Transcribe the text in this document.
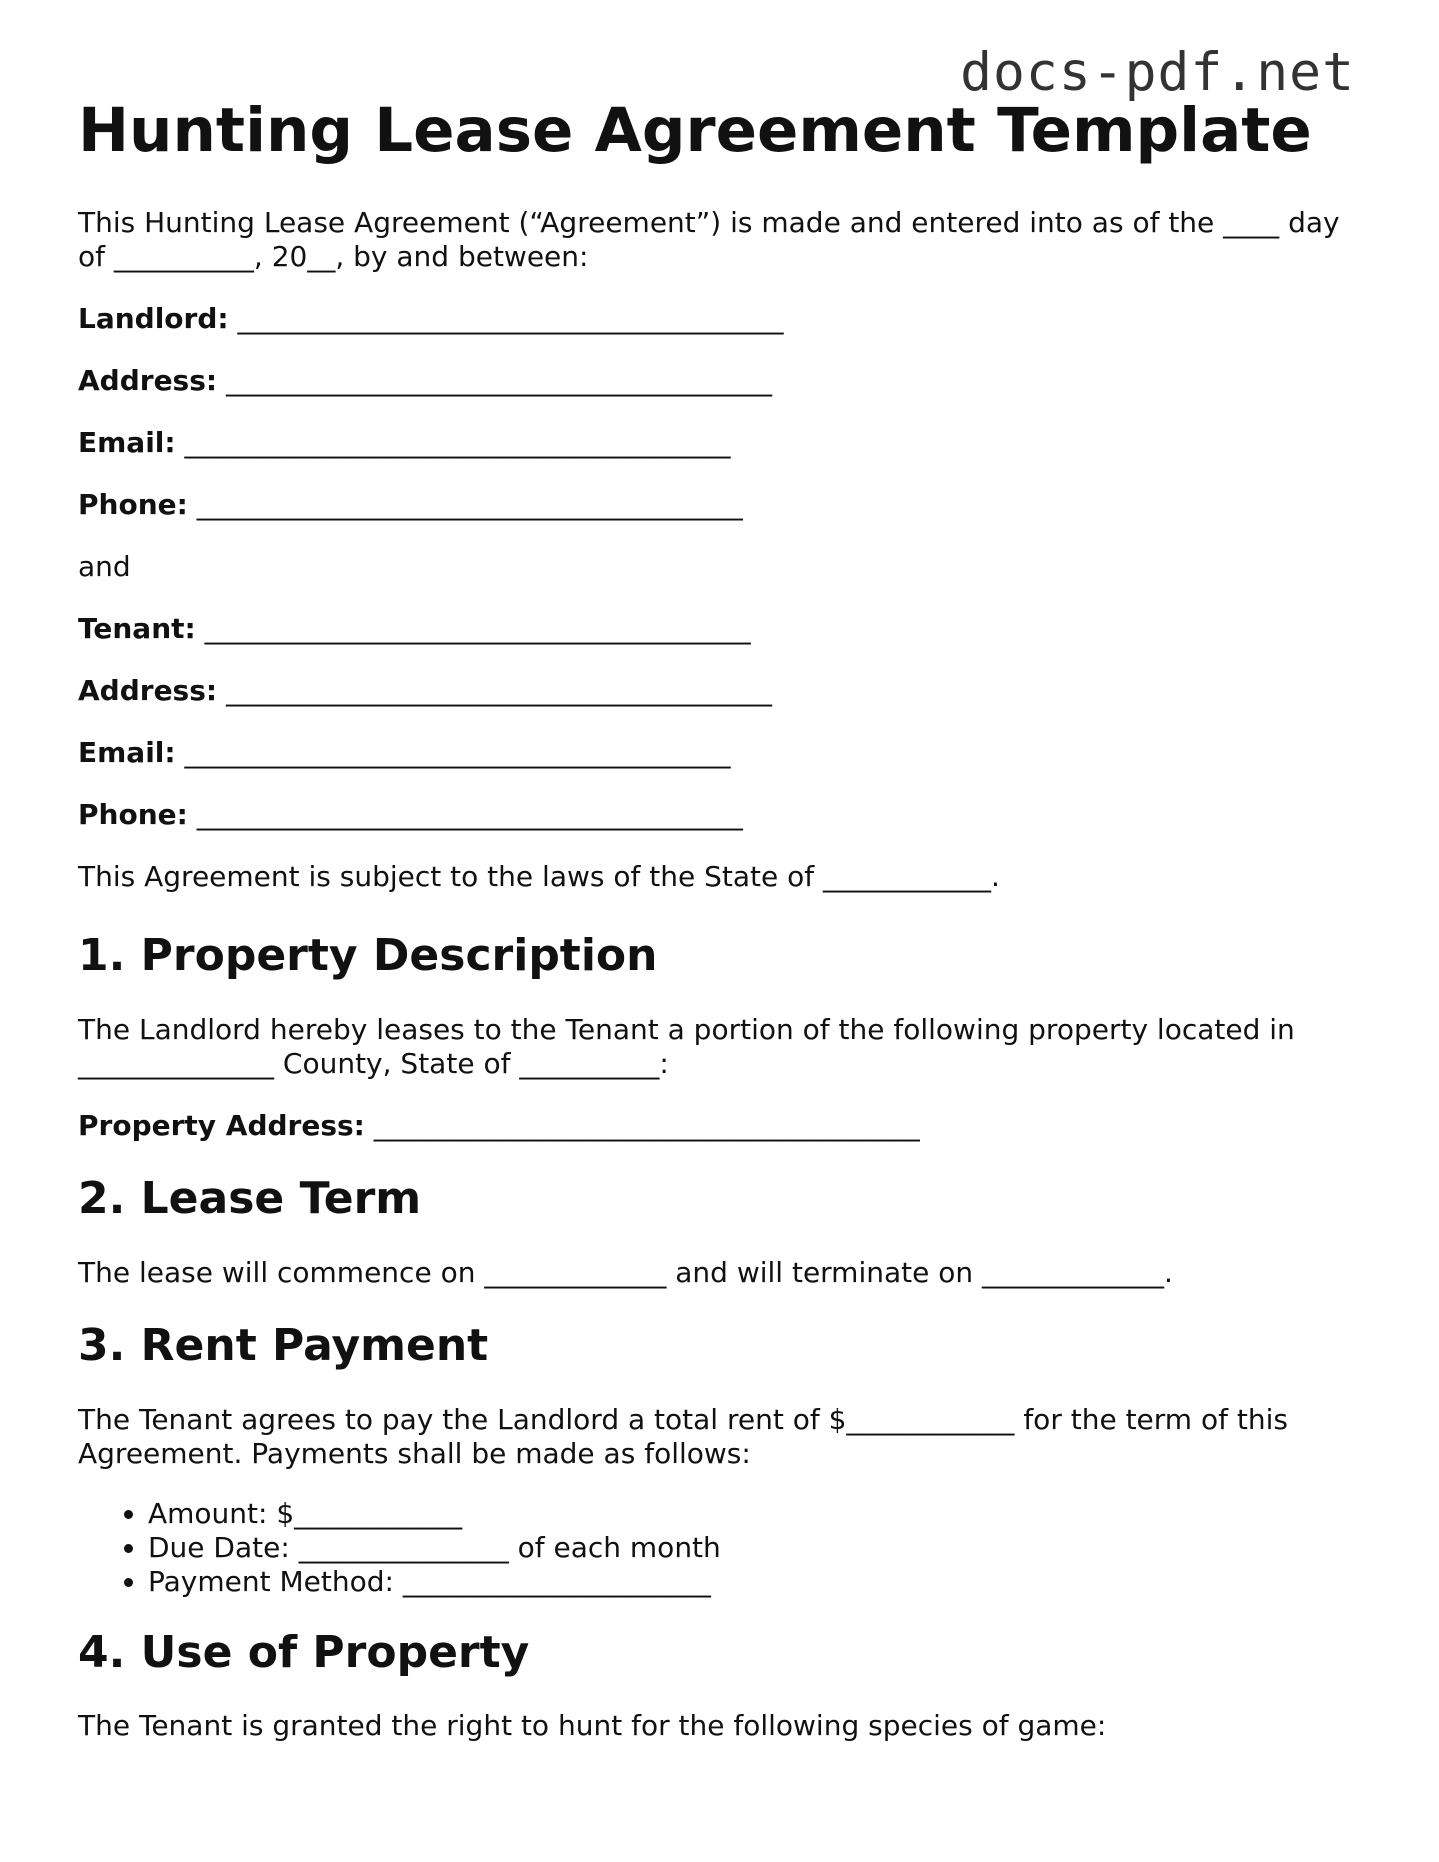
docs-pdf.net
Hunting Lease Agreement Template

This Hunting Lease Agreement (“Agreement”) is made and entered into as of the ____ day of __________, 20__, by and between:

Landlord: _______________________________________
Address: _______________________________________
Email: _______________________________________
Phone: _______________________________________

and

Tenant: _______________________________________
Address: _______________________________________
Email: _______________________________________
Phone: _______________________________________

This Agreement is subject to the laws of the State of ____________.

1. Property Description

The Landlord hereby leases to the Tenant a portion of the following property located in ______________ County, State of __________:

Property Address: _______________________________________
2. Lease Term

The lease will commence on _____________ and will terminate on _____________.

3. Rent Payment

The Tenant agrees to pay the Landlord a total rent of $____________ for the term of this Agreement. Payments shall be made as follows:

• Amount: $____________
• Due Date: _______________ of each month
• Payment Method: ______________________
4. Use of Property

The Tenant is granted the right to hunt for the following species of game:
